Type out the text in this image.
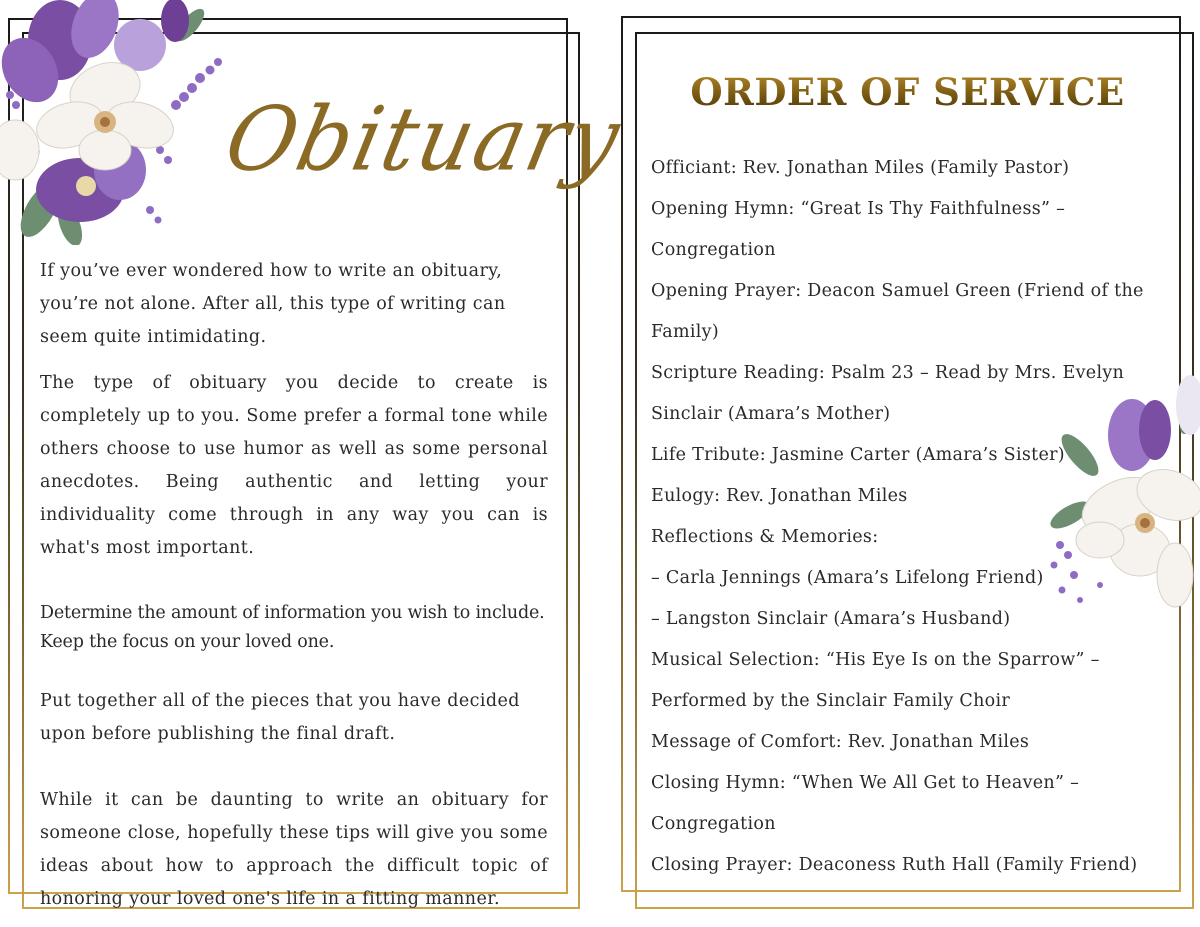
Obituary

If you’ve ever wondered how to write an obituary, you’re not alone. After all, this type of writing can seem quite intimidating.

The type of obituary you decide to create is completely up to you. Some prefer a formal tone while others choose to use humor as well as some personal anecdotes. Being authentic and letting your individuality come through in any way you can is what's most important.

Determine the amount of information you wish to include. Keep the focus on your loved one.

Put together all of the pieces that you have decided upon before publishing the final draft.

While it can be daunting to write an obituary for someone close, hopefully these tips will give you some ideas about how to approach the difficult topic of honoring your loved one's life in a fitting manner.

ORDER OF SERVICE
Officiant: Rev. Jonathan Miles (Family Pastor)
Opening Hymn: “Great Is Thy Faithfulness” –
Congregation
Opening Prayer: Deacon Samuel Green (Friend of the
Family)
Scripture Reading: Psalm 23 – Read by Mrs. Evelyn
Sinclair (Amara’s Mother)
Life Tribute: Jasmine Carter (Amara’s Sister)
Eulogy: Rev. Jonathan Miles
Reflections & Memories:
– Carla Jennings (Amara’s Lifelong Friend)
– Langston Sinclair (Amara’s Husband)
Musical Selection: “His Eye Is on the Sparrow” –
Performed by the Sinclair Family Choir
Message of Comfort: Rev. Jonathan Miles
Closing Hymn: “When We All Get to Heaven” –
Congregation
Closing Prayer: Deaconess Ruth Hall (Family Friend)
